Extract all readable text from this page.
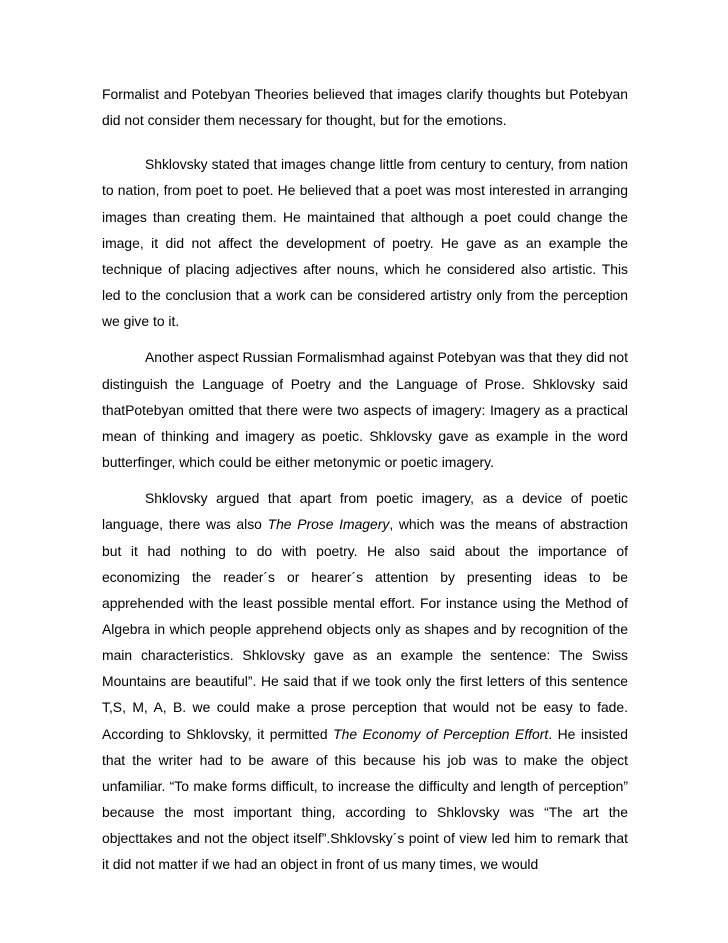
Formalist and Potebyan Theories believed that images clarify thoughts but Potebyan did not consider them necessary for thought, but for the emotions.

Shklovsky stated that images change little from century to century, from nation to nation, from poet to poet. He believed that a poet was most interested in arranging images than creating them. He maintained that although a poet could change the image, it did not affect the development of poetry. He gave as an example the technique of placing adjectives after nouns, which he considered also artistic. This led to the conclusion that a work can be considered artistry only from the perception we give to it.

Another aspect Russian Formalismhad against Potebyan was that they did not distinguish the Language of Poetry and the Language of Prose. Shklovsky said thatPotebyan omitted that there were two aspects of imagery: Imagery as a practical mean of thinking and imagery as poetic. Shklovsky gave as example in the word butterfinger, which could be either metonymic or poetic imagery.

Shklovsky argued that apart from poetic imagery, as a device of poetic language, there was also The Prose Imagery, which was the means of abstraction but it had nothing to do with poetry. He also said about the importance of economizing the reader´s or hearer´s attention by presenting ideas to be apprehended with the least possible mental effort. For instance using the Method of Algebra in which people apprehend objects only as shapes and by recognition of the main characteristics. Shklovsky gave as an example the sentence: The Swiss Mountains are beautiful”. He said that if we took only the first letters of this sentence T,S, M, A, B. we could make a prose perception that would not be easy to fade. According to Shklovsky, it permitted The Economy of Perception Effort. He insisted that the writer had to be aware of this because his job was to make the object unfamiliar. “To make forms difficult, to increase the difficulty and length of perception” because the most important thing, according to Shklovsky was “The art the objecttakes and not the object itself”.Shklovsky´s point of view led him to remark that it did not matter if we had an object in front of us many times, we would
